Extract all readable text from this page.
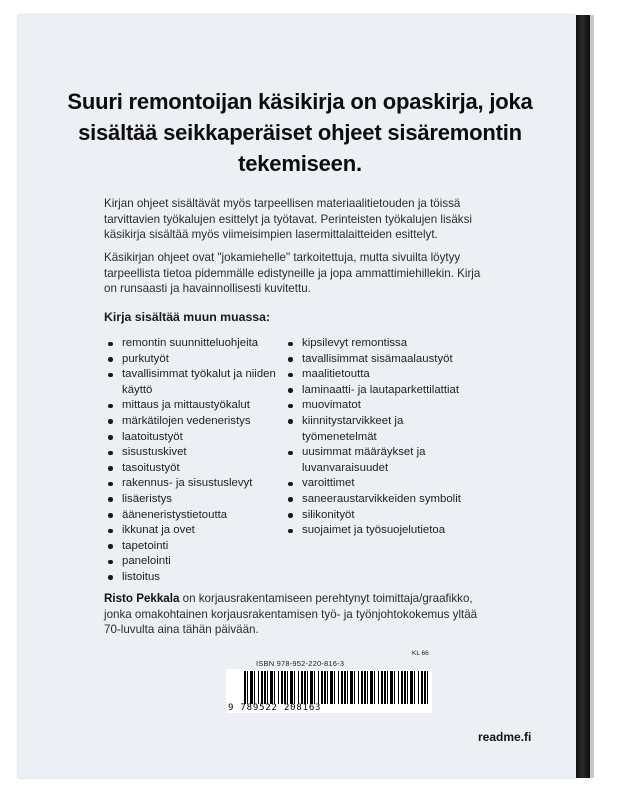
Suuri remontoijan käsikirja on opaskirja, joka sisältää seikkaperäiset ohjeet sisäremontin tekemiseen.

Kirjan ohjeet sisältävät myös tarpeellisen materiaalitietouden ja töissä tarvittavien työkalujen esittelyt ja työtavat. Perinteisten työkalujen lisäksi käsikirja sisältää myös viimeisimpien lasermittalaitteiden esittelyt.

Käsikirjan ohjeet ovat "jokamiehelle" tarkoitettuja, mutta sivuilta löytyy tarpeellista tietoa pidemmälle edistyneille ja jopa ammattimiehillekin. Kirja on runsaasti ja havainnollisesti kuvitettu.

Kirja sisältää muun muassa:

remontin suunnitteluohjeita
purkutyöt
tavallisimmat työkalut ja niiden käyttö
mittaus ja mittaustyökalut
märkätilojen vedeneristys
laatoitustyöt
sisustuskivet
tasoitustyöt
rakennus- ja sisustuslevyt
lisäeristys
ääneneristystietoutta
ikkunat ja ovet
tapetointi
panelointi
listoitus
kipsilevyt remontissa
tavallisimmat sisämaalaustyöt
maalitietoutta
laminaatti- ja lautaparkettilattiat
muovimatot
kiinnitystarvikkeet ja työmenetelmät
uusimmat määräykset ja luvanvaraisuudet
varoittimet
saneeraustarvikkeiden symbolit
silikonityöt
suojaimet ja työsuojelutietoa

Risto Pekkala on korjausrakentamiseen perehtynyt toimittaja/graafikko, jonka omakohtainen korjausrakentamisen työ- ja työnjohtokokemus yltää 70-luvulta aina tähän päivään.

KL 66
ISBN 978-952-220-816-3
9 789522 208163
readme.fi
